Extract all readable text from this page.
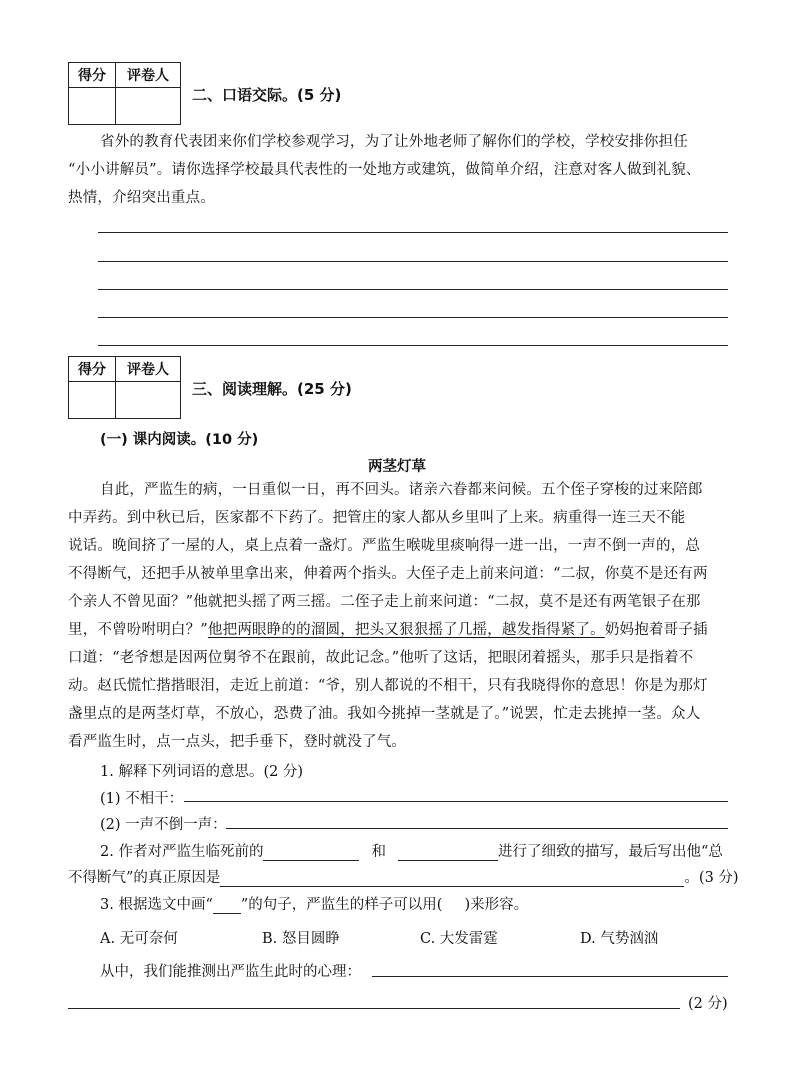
得分	评卷人

二、口语交际。(5 分)
省外的教育代表团来你们学校参观学习，为了让外地老师了解你们的学校，学校安排你担任
“小小讲解员”。请你选择学校最具代表性的一处地方或建筑，做简单介绍，注意对客人做到礼貌、
热情，介绍突出重点。
得分	评卷人

三、阅读理解。(25 分)
(一) 课内阅读。(10 分)
两茎灯草
自此，严监生的病，一日重似一日，再不回头。诸亲六眷都来问候。五个侄子穿梭的过来陪郎
中弄药。到中秋已后，医家都不下药了。把管庄的家人都从乡里叫了上来。病重得一连三天不能
说话。晚间挤了一屋的人，桌上点着一盏灯。严监生喉咙里痰响得一进一出，一声不倒一声的，总
不得断气，还把手从被单里拿出来，伸着两个指头。大侄子走上前来问道：“二叔，你莫不是还有两
个亲人不曾见面？”他就把头摇了两三摇。二侄子走上前来问道：“二叔，莫不是还有两笔银子在那
里，不曾吩咐明白？”他把两眼睁的的溜圆，把头又狠狠摇了几摇，越发指得紧了。奶妈抱着哥子插
口道：“老爷想是因两位舅爷不在跟前，故此记念。”他听了这话，把眼闭着摇头，那手只是指着不
动。赵氏慌忙揩揩眼泪，走近上前道：“爷，别人都说的不相干，只有我晓得你的意思！你是为那灯
盏里点的是两茎灯草，不放心，恐费了油。我如今挑掉一茎就是了。”说罢，忙走去挑掉一茎。众人
看严监生时，点一点头，把手垂下，登时就没了气。
1. 解释下列词语的意思。(2 分)
(1) 不相干：
(2) 一声不倒一声：
2. 作者对严监生临死前的	和	进行了细致的描写，最后写出他“总
不得断气”的真正原因是	。(3 分)
3. 根据选文中画“ ”的句子，严监生的样子可以用( )来形容。
A. 无可奈何	B. 怒目圆睁	C. 大发雷霆	D. 气势汹汹
从中，我们能推测出严监生此时的心理：
(2 分)
